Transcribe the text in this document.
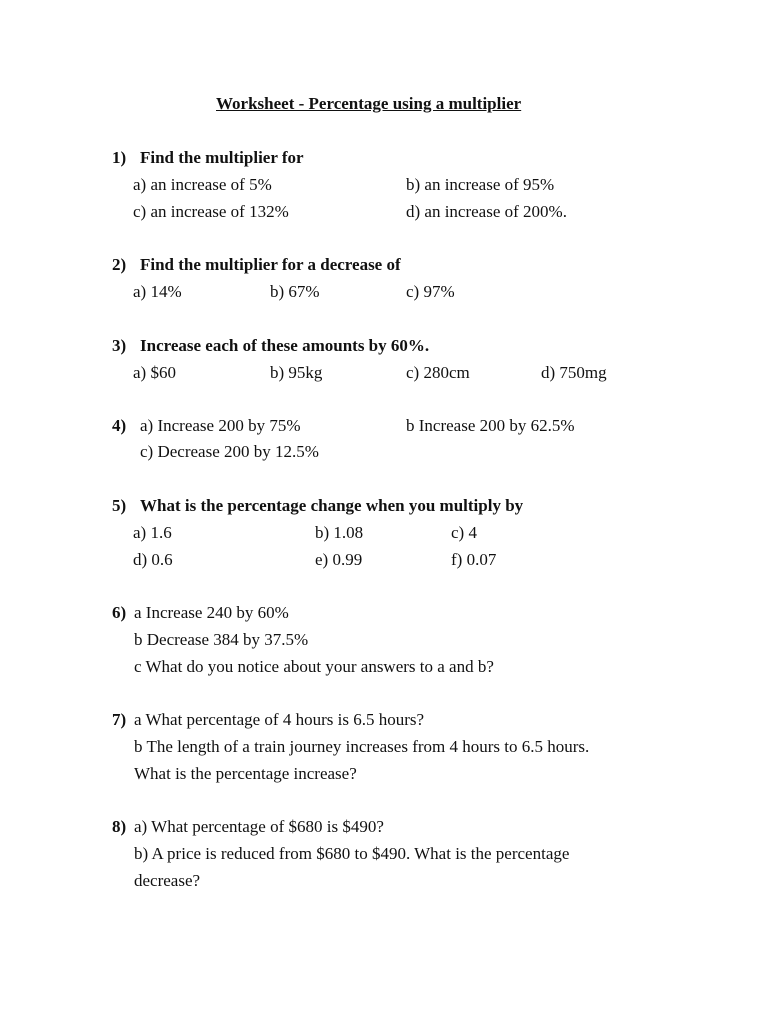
Worksheet - Percentage using a multiplier
1) Find the multiplier for
a) an increase of 5%	b) an increase of 95%
c) an increase of 132%	d) an increase of 200%.
2) Find the multiplier for a decrease of
a) 14%	b) 67%	c) 97%
3) Increase each of these amounts by 60%.
a) $60	b) 95kg	c) 280cm	d) 750mg
4) a) Increase 200 by 75%	b Increase 200 by 62.5%
c) Decrease 200 by 12.5%
5) What is the percentage change when you multiply by
a) 1.6	b) 1.08	c) 4
d) 0.6	e) 0.99	f) 0.07
6) a Increase 240 by 60%
b Decrease 384 by 37.5%
c What do you notice about your answers to a and b?
7) a What percentage of 4 hours is 6.5 hours?
b The length of a train journey increases from 4 hours to 6.5 hours.
What is the percentage increase?
8) a) What percentage of $680 is $490?
b) A price is reduced from $680 to $490. What is the percentage
decrease?
